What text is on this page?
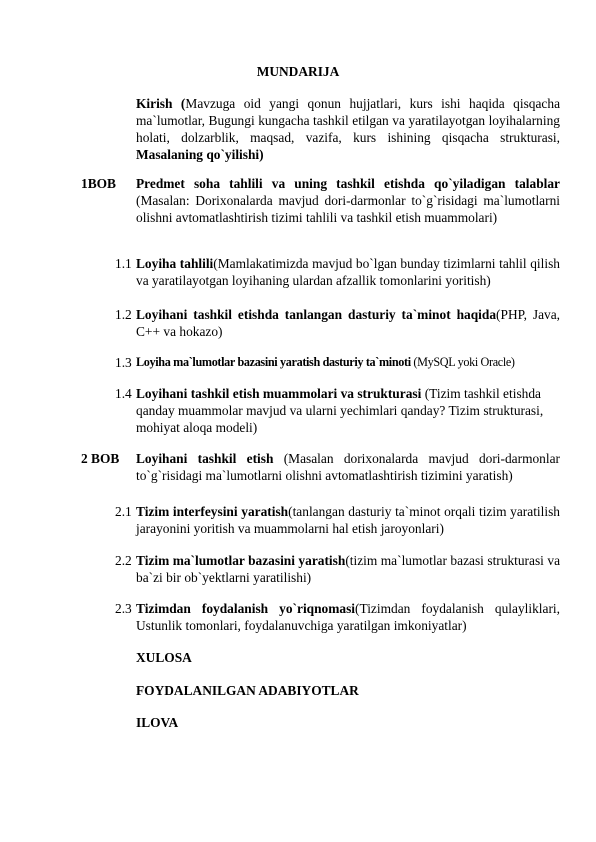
MUNDARIJA
Kirish (Mavzuga oid yangi qonun hujjatlari, kurs ishi haqida qisqacha ma`lumotlar, Bugungi kungacha tashkil etilgan va yaratilayotgan loyihalarning holati, dolzarblik, maqsad, vazifa, kurs ishining qisqacha strukturasi, Masalaning qo`yilishi)
1BOB Predmet soha tahlili va uning tashkil etishda qo`yiladigan talablar (Masalan: Dorixonalarda mavjud dori-darmonlar to`g`risidagi ma`lumotlarni olishni avtomatlashtirish tizimi tahlili va tashkil etish muammolari)
1.1 Loyiha tahlili(Mamlakatimizda mavjud bo`lgan bunday tizimlarni tahlil qilish va yaratilayotgan loyihaning ulardan afzallik tomonlarini yoritish)
1.2 Loyihani tashkil etishda tanlangan dasturiy ta`minot haqida(PHP, Java, C++ va hokazo)
1.3 Loyiha ma`lumotlar bazasini yaratish dasturiy ta`minoti (MySQL yoki Oracle)
1.4 Loyihani tashkil etish muammolari va strukturasi (Tizim tashkil etishda qanday muammolar mavjud va ularni yechimlari qanday? Tizim strukturasi, mohiyat aloqa modeli)
2 BOB Loyihani tashkil etish (Masalan dorixonalarda mavjud dori-darmonlar to`g`risidagi ma`lumotlarni olishni avtomatlashtirish tizimini yaratish)
2.1 Tizim interfeysini yaratish(tanlangan dasturiy ta`minot orqali tizim yaratilish jarayonini yoritish va muammolarni hal etish jaroyonlari)
2.2 Tizim ma`lumotlar bazasini yaratish(tizim ma`lumotlar bazasi strukturasi va ba`zi bir ob`yektlarni yaratilishi)
2.3 Tizimdan foydalanish yo`riqnomasi(Tizimdan foydalanish qulayliklari, Ustunlik tomonlari, foydalanuvchiga yaratilgan imkoniyatlar)
XULOSA
FOYDALANILGAN ADABIYOTLAR
ILOVA
